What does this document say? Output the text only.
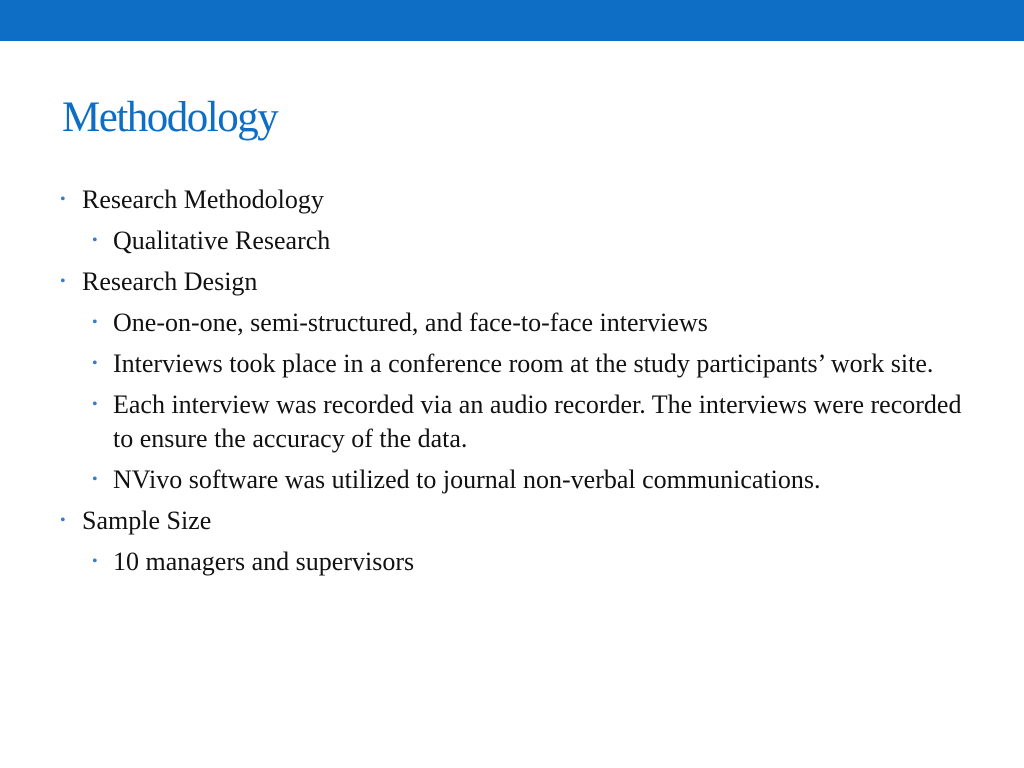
Methodology
• Research Methodology
• Qualitative Research
• Research Design
• One-on-one, semi-structured, and face-to-face interviews
• Interviews took place in a conference room at the study participants’ work site.
• Each interview was recorded via an audio recorder. The interviews were recorded to ensure the accuracy of the data.
• NVivo software was utilized to journal non-verbal communications.
• Sample Size
• 10 managers and supervisors
